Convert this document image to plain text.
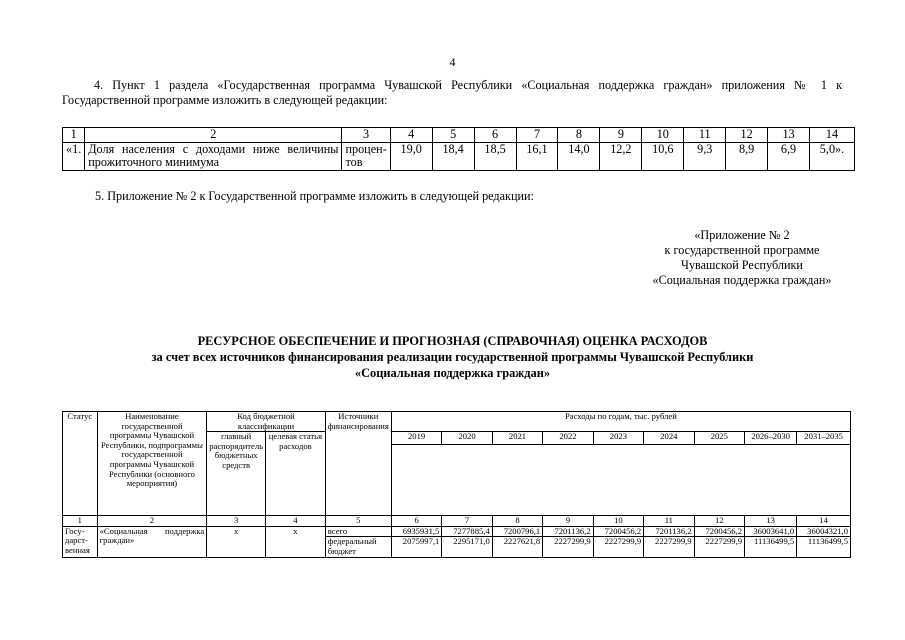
4
4. Пункт 1 раздела «Государственная программа Чувашской Республики «Социальная поддержка граждан» приложения № 1 к Государственной программе изложить в следующей редакции:
1	2	3	4	5	6	7	8	9	10	11	12	13	14
«1.	Доля населения с доходами ниже величины прожиточного минимума	процен-тов	19,0	18,4	18,5	16,1	14,0	12,2	10,6	9,3	8,9	6,9	5,0».
5. Приложение № 2 к Государственной программе изложить в следующей редакции:
«Приложение № 2
к государственной программе
Чувашской Республики
«Социальная поддержка граждан»
РЕСУРСНОЕ ОБЕСПЕЧЕНИЕ И ПРОГНОЗНАЯ (СПРАВОЧНАЯ) ОЦЕНКА РАСХОДОВ
за счет всех источников финансирования реализации государственной программы Чувашской Республики
«Социальная поддержка граждан»
Статус	Наименование государственной программы Чувашской Республики, подпрограммы государственной программы Чувашской Республики (основного мероприятия)	Код бюджетной классификации		Источники финансирования	Расходы по годам, тыс. рублей								
		главный распорядитель бюджетных средств	целевая статья расходов		2019	2020	2021	2022	2023	2024	2025	2026–2030	2031–2035

1	2	3	4	5	6	7	8	9	10	11	12	13	14
Госу-дарст-венная	«Социальная поддержка граждан»	x	x	всего	6935931,5	7277885,4	7200796,1	7201136,2	7200456,2	7201136,2	7200456,2	36003641,0	36004321,0
				федеральный бюджет	2075997,1	2295171,0	2227621,8	2227299,9	2227299,9	2227299,9	2227299,9	11136499,5	11136499,5
